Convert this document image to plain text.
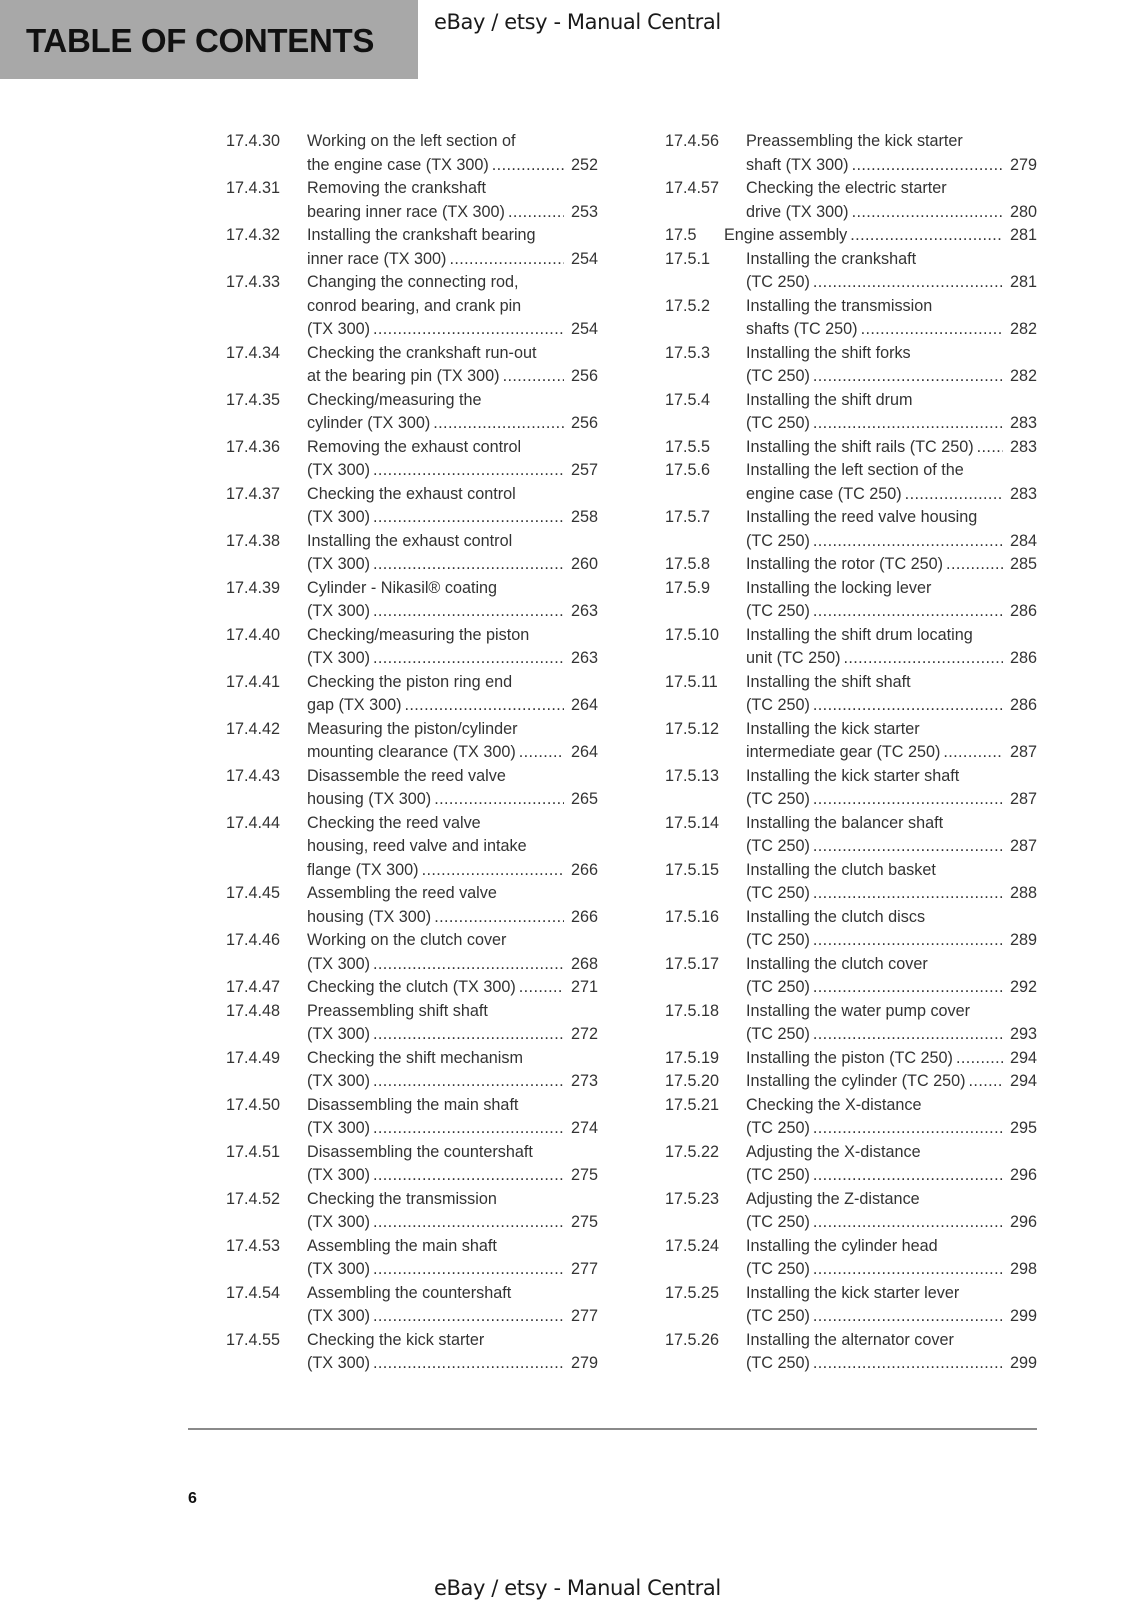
TABLE OF CONTENTS	eBay / etsy - Manual Central
17.4.30 Working on the left section of
the engine case (TX 300) .....	252
17.4.31 Removing the crankshaft
bearing inner race (TX 300) .....	253
17.4.32 Installing the crankshaft bearing
inner race (TX 300) .....	254
17.4.33 Changing the connecting rod,
conrod bearing, and crank pin
(TX 300) .....	254
17.4.34 Checking the crankshaft run-out
at the bearing pin (TX 300) .....	256
17.4.35 Checking/measuring the
cylinder (TX 300) .....	256
17.4.36 Removing the exhaust control
(TX 300) .....	257
17.4.37 Checking the exhaust control
(TX 300) .....	258
17.4.38 Installing the exhaust control
(TX 300) .....	260
17.4.39 Cylinder - Nikasil® coating
(TX 300) .....	263
17.4.40 Checking/measuring the piston
(TX 300) .....	263
17.4.41 Checking the piston ring end
gap (TX 300) .....	264
17.4.42 Measuring the piston/cylinder
mounting clearance (TX 300) .....	264
17.4.43 Disassemble the reed valve
housing (TX 300) .....	265
17.4.44 Checking the reed valve
housing, reed valve and intake
flange (TX 300) .....	266
17.4.45 Assembling the reed valve
housing (TX 300) .....	266
17.4.46 Working on the clutch cover
(TX 300) .....	268
17.4.47 Checking the clutch (TX 300) .....	271
17.4.48 Preassembling shift shaft
(TX 300) .....	272
17.4.49 Checking the shift mechanism
(TX 300) .....	273
17.4.50 Disassembling the main shaft
(TX 300) .....	274
17.4.51 Disassembling the countershaft
(TX 300) .....	275
17.4.52 Checking the transmission
(TX 300) .....	275
17.4.53 Assembling the main shaft
(TX 300) .....	277
17.4.54 Assembling the countershaft
(TX 300) .....	277
17.4.55 Checking the kick starter
(TX 300) .....	279
17.4.56 Preassembling the kick starter
shaft (TX 300) .....	279
17.4.57 Checking the electric starter
drive (TX 300) .....	280
17.5 Engine assembly .....	281
17.5.1 Installing the crankshaft
(TC 250) .....	281
17.5.2 Installing the transmission
shafts (TC 250) .....	282
17.5.3 Installing the shift forks
(TC 250) .....	282
17.5.4 Installing the shift drum
(TC 250) .....	283
17.5.5 Installing the shift rails (TC 250) ..... 283
17.5.6 Installing the left section of the
engine case (TC 250) .....	283
17.5.7 Installing the reed valve housing
(TC 250) .....	284
17.5.8 Installing the rotor (TC 250) .....	285
17.5.9 Installing the locking lever
(TC 250) .....	286
17.5.10 Installing the shift drum locating
unit (TC 250) .....	286
17.5.11 Installing the shift shaft
(TC 250) .....	286
17.5.12 Installing the kick starter
intermediate gear (TC 250) .....	287
17.5.13 Installing the kick starter shaft
(TC 250) .....	287
17.5.14 Installing the balancer shaft
(TC 250) .....	287
17.5.15 Installing the clutch basket
(TC 250) .....	288
17.5.16 Installing the clutch discs
(TC 250) .....	289
17.5.17 Installing the clutch cover
(TC 250) .....	292
17.5.18 Installing the water pump cover
(TC 250) .....	293
17.5.19 Installing the piston (TC 250) .....	294
17.5.20 Installing the cylinder (TC 250) .....	294
17.5.21 Checking the X-distance
(TC 250) .....	295
17.5.22 Adjusting the X-distance
(TC 250) .....	296
17.5.23 Adjusting the Z-distance
(TC 250) .....	296
17.5.24 Installing the cylinder head
(TC 250) .....	298
17.5.25 Installing the kick starter lever
(TC 250) .....	299
17.5.26 Installing the alternator cover
(TC 250) .....	299
6
eBay / etsy - Manual Central
